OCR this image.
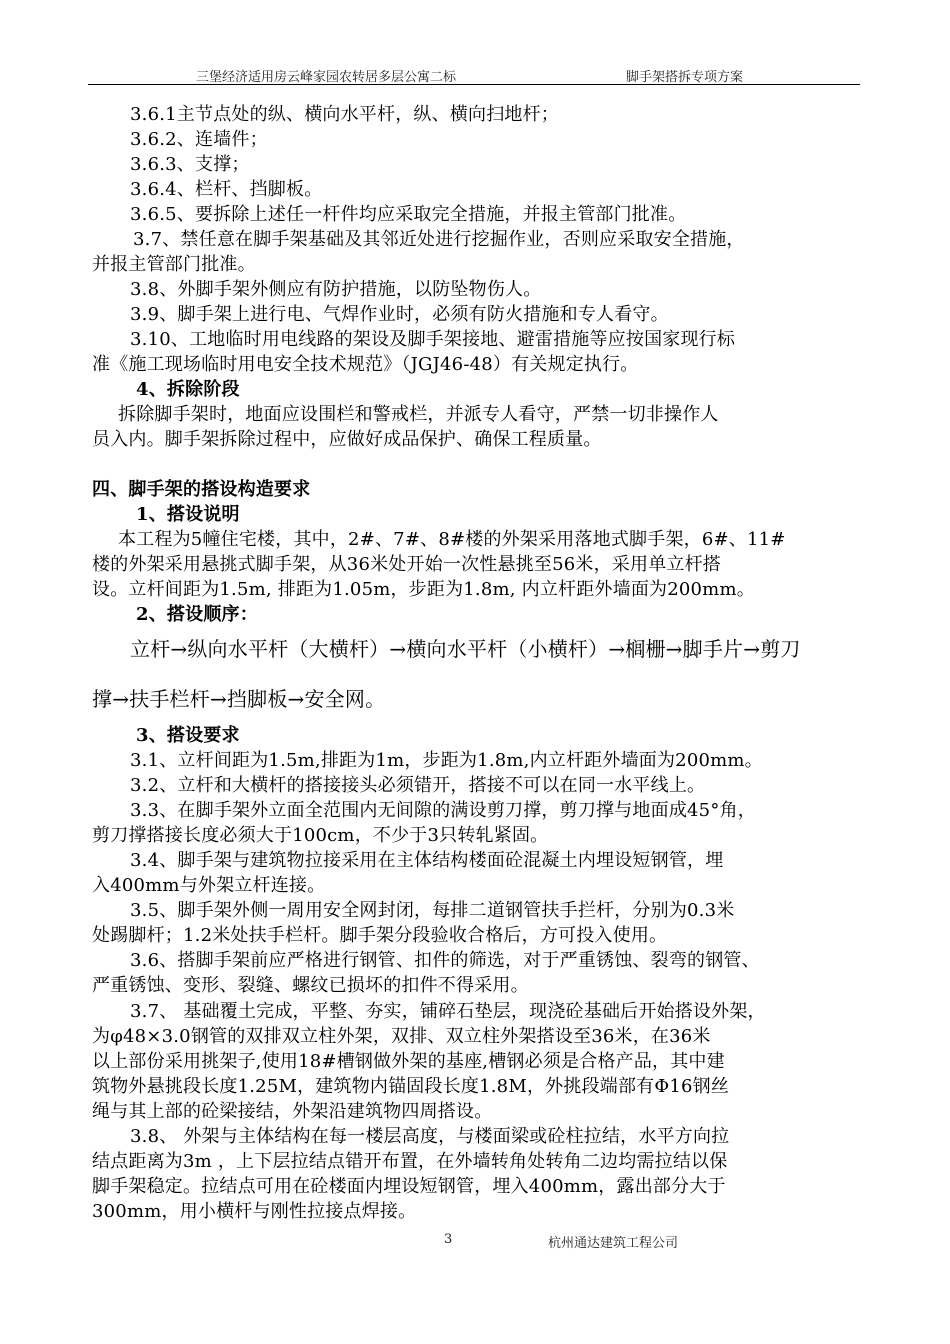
三堡经济适用房云峰家园农转居多层公寓二标	脚手架搭拆专项方案
3.6.1主节点处的纵、横向水平杆，纵、横向扫地杆；
3.6.2、连墙件；
3.6.3、支撑；
3.6.4、栏杆、挡脚板。
3.6.5、要拆除上述任一杆件均应采取完全措施，并报主管部门批准。
3.7、禁任意在脚手架基础及其邻近处进行挖掘作业，否则应采取安全措施，
并报主管部门批准。
3.8、外脚手架外侧应有防护措施，以防坠物伤人。
3.9、脚手架上进行电、气焊作业时，必须有防火措施和专人看守。
3.10、工地临时用电线路的架设及脚手架接地、避雷措施等应按国家现行标
准《施工现场临时用电安全技术规范》（JGJ46-48）有关规定执行。
4、拆除阶段
拆除脚手架时，地面应设围栏和警戒栏，并派专人看守，严禁一切非操作人
员入内。脚手架拆除过程中，应做好成品保护、确保工程质量。
四、脚手架的搭设构造要求
1、搭设说明
本工程为5幢住宅楼，其中，2#、7#、8#楼的外架采用落地式脚手架，6#、11#
楼的外架采用悬挑式脚手架，从36米处开始一次性悬挑至56米，采用单立杆搭
设。立杆间距为1.5m, 排距为1.05m，步距为1.8m, 内立杆距外墙面为200mm。
2、搭设顺序：
立杆→纵向水平杆（大横杆）→横向水平杆（小横杆）→榈栅→脚手片→剪刀
撑→扶手栏杆→挡脚板→安全网。
3、搭设要求
3.1、立杆间距为1.5m,排距为1m，步距为1.8m,内立杆距外墙面为200mm。
3.2、立杆和大横杆的搭接接头必须错开，搭接不可以在同一水平线上。
3.3、在脚手架外立面全范围内无间隙的满设剪刀撑，剪刀撑与地面成45°角，
剪刀撑搭接长度必须大于100cm，不少于3只转轧紧固。
3.4、脚手架与建筑物拉接采用在主体结构楼面砼混凝土内埋设短钢管，埋
入400mm与外架立杆连接。
3.5、脚手架外侧一周用安全网封闭，每排二道钢管扶手拦杆，分别为0.3米
处踢脚杆；1.2米处扶手栏杆。脚手架分段验收合格后，方可投入使用。
3.6、搭脚手架前应严格进行钢管、扣件的筛选，对于严重锈蚀、裂弯的钢管、
严重锈蚀、变形、裂缝、螺纹已损坏的扣件不得采用。
3.7、 基础覆土完成，平整、夯实，铺碎石垫层，现浇砼基础后开始搭设外架，
为φ48×3.0钢管的双排双立柱外架，双排、双立柱外架搭设至36米，在36米
以上部份采用挑架子,使用18#槽钢做外架的基座,槽钢必须是合格产品，其中建
筑物外悬挑段长度1.25M，建筑物内锚固段长度1.8M，外挑段端部有Φ16钢丝
绳与其上部的砼梁接结，外架沿建筑物四周搭设。
3.8、 外架与主体结构在每一楼层高度，与楼面梁或砼柱拉结，水平方向拉
结点距离为3m ，上下层拉结点错开布置，在外墙转角处转角二边均需拉结以保
脚手架稳定。拉结点可用在砼楼面内埋设短钢管，埋入400mm，露出部分大于
300mm，用小横杆与刚性拉接点焊接。
3	杭州通达建筑工程公司
